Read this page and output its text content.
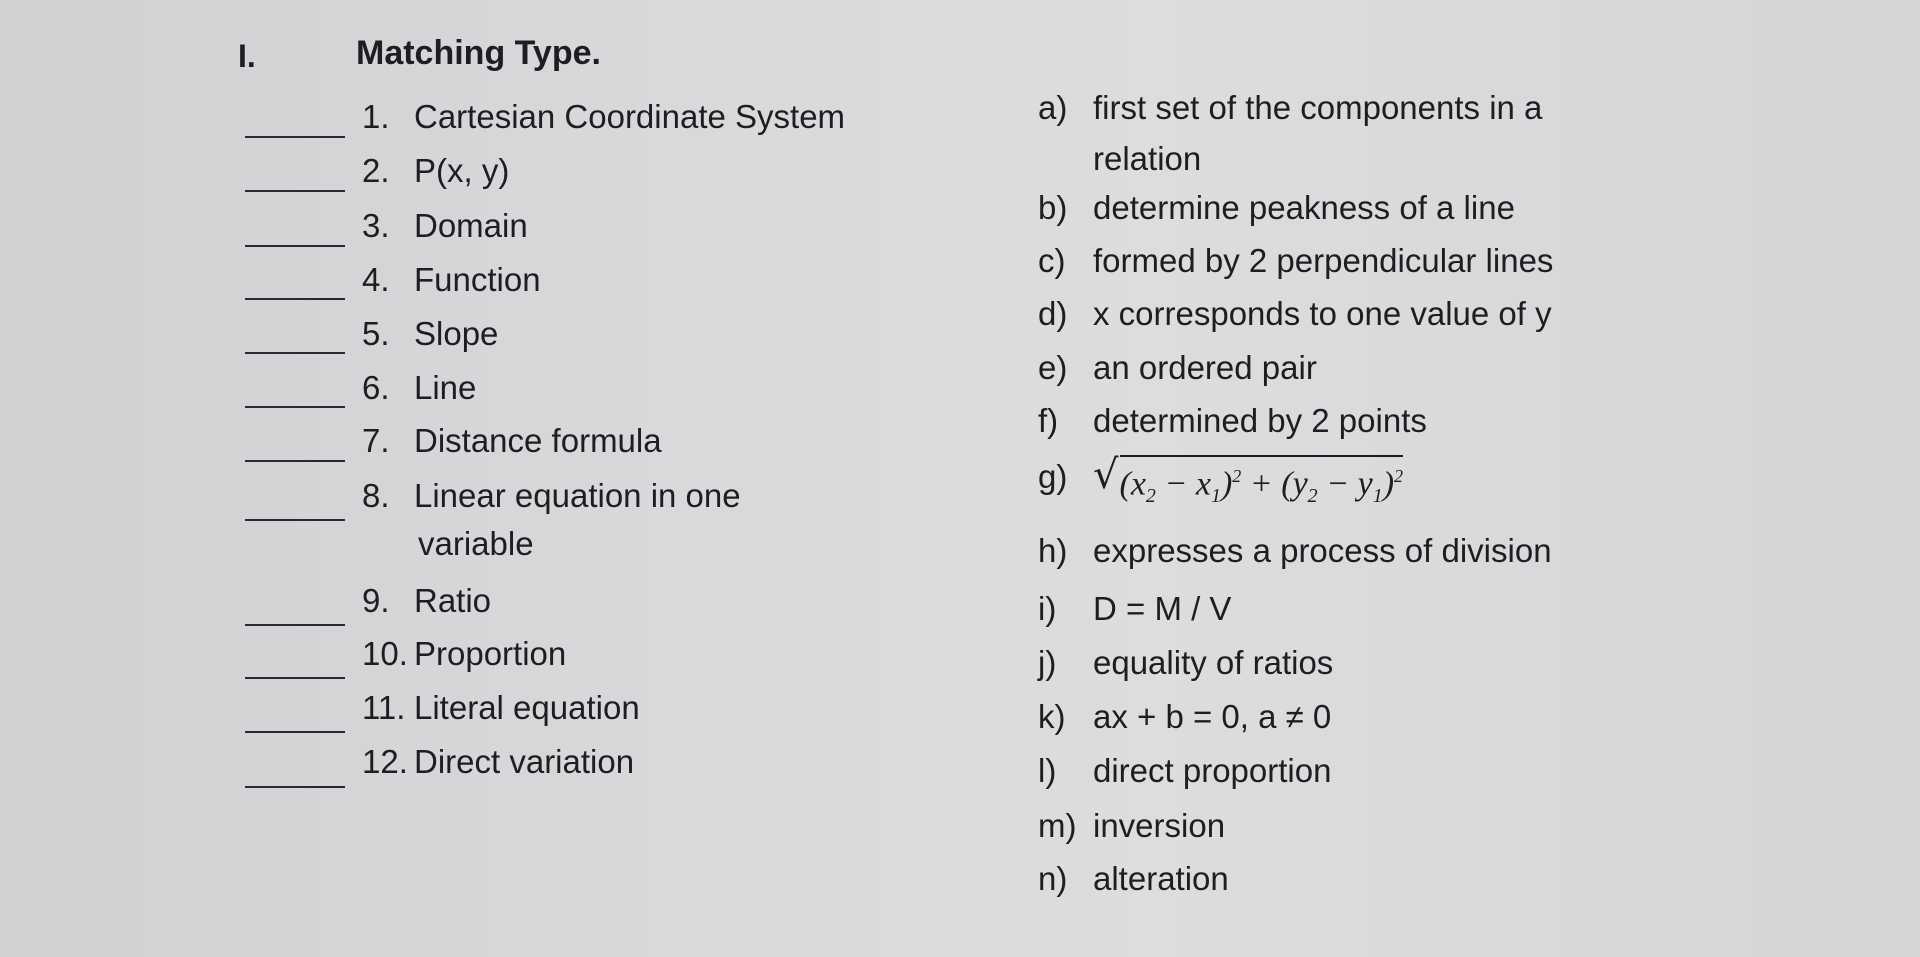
I.	Matching Type.
1. Cartesian Coordinate System
2. P(x, y)
3. Domain
4. Function
5. Slope
6. Line
7. Distance formula
8. Linear equation in one
variable
9. Ratio
10. Proportion
11. Literal equation
12. Direct variation
a) first set of the components in a
relation
b) determine peakness of a line
c) formed by 2 perpendicular lines
d) x corresponds to one value of y
e) an ordered pair
f) determined by 2 points
g) √ $(x_2 - x_1)^2 + (y_2 - y_1)^2$
h) expresses a process of division
i) D = M / V
j) equality of ratios
k) ax + b = 0, a ≠ 0
l) direct proportion
m) inversion
n) alteration
